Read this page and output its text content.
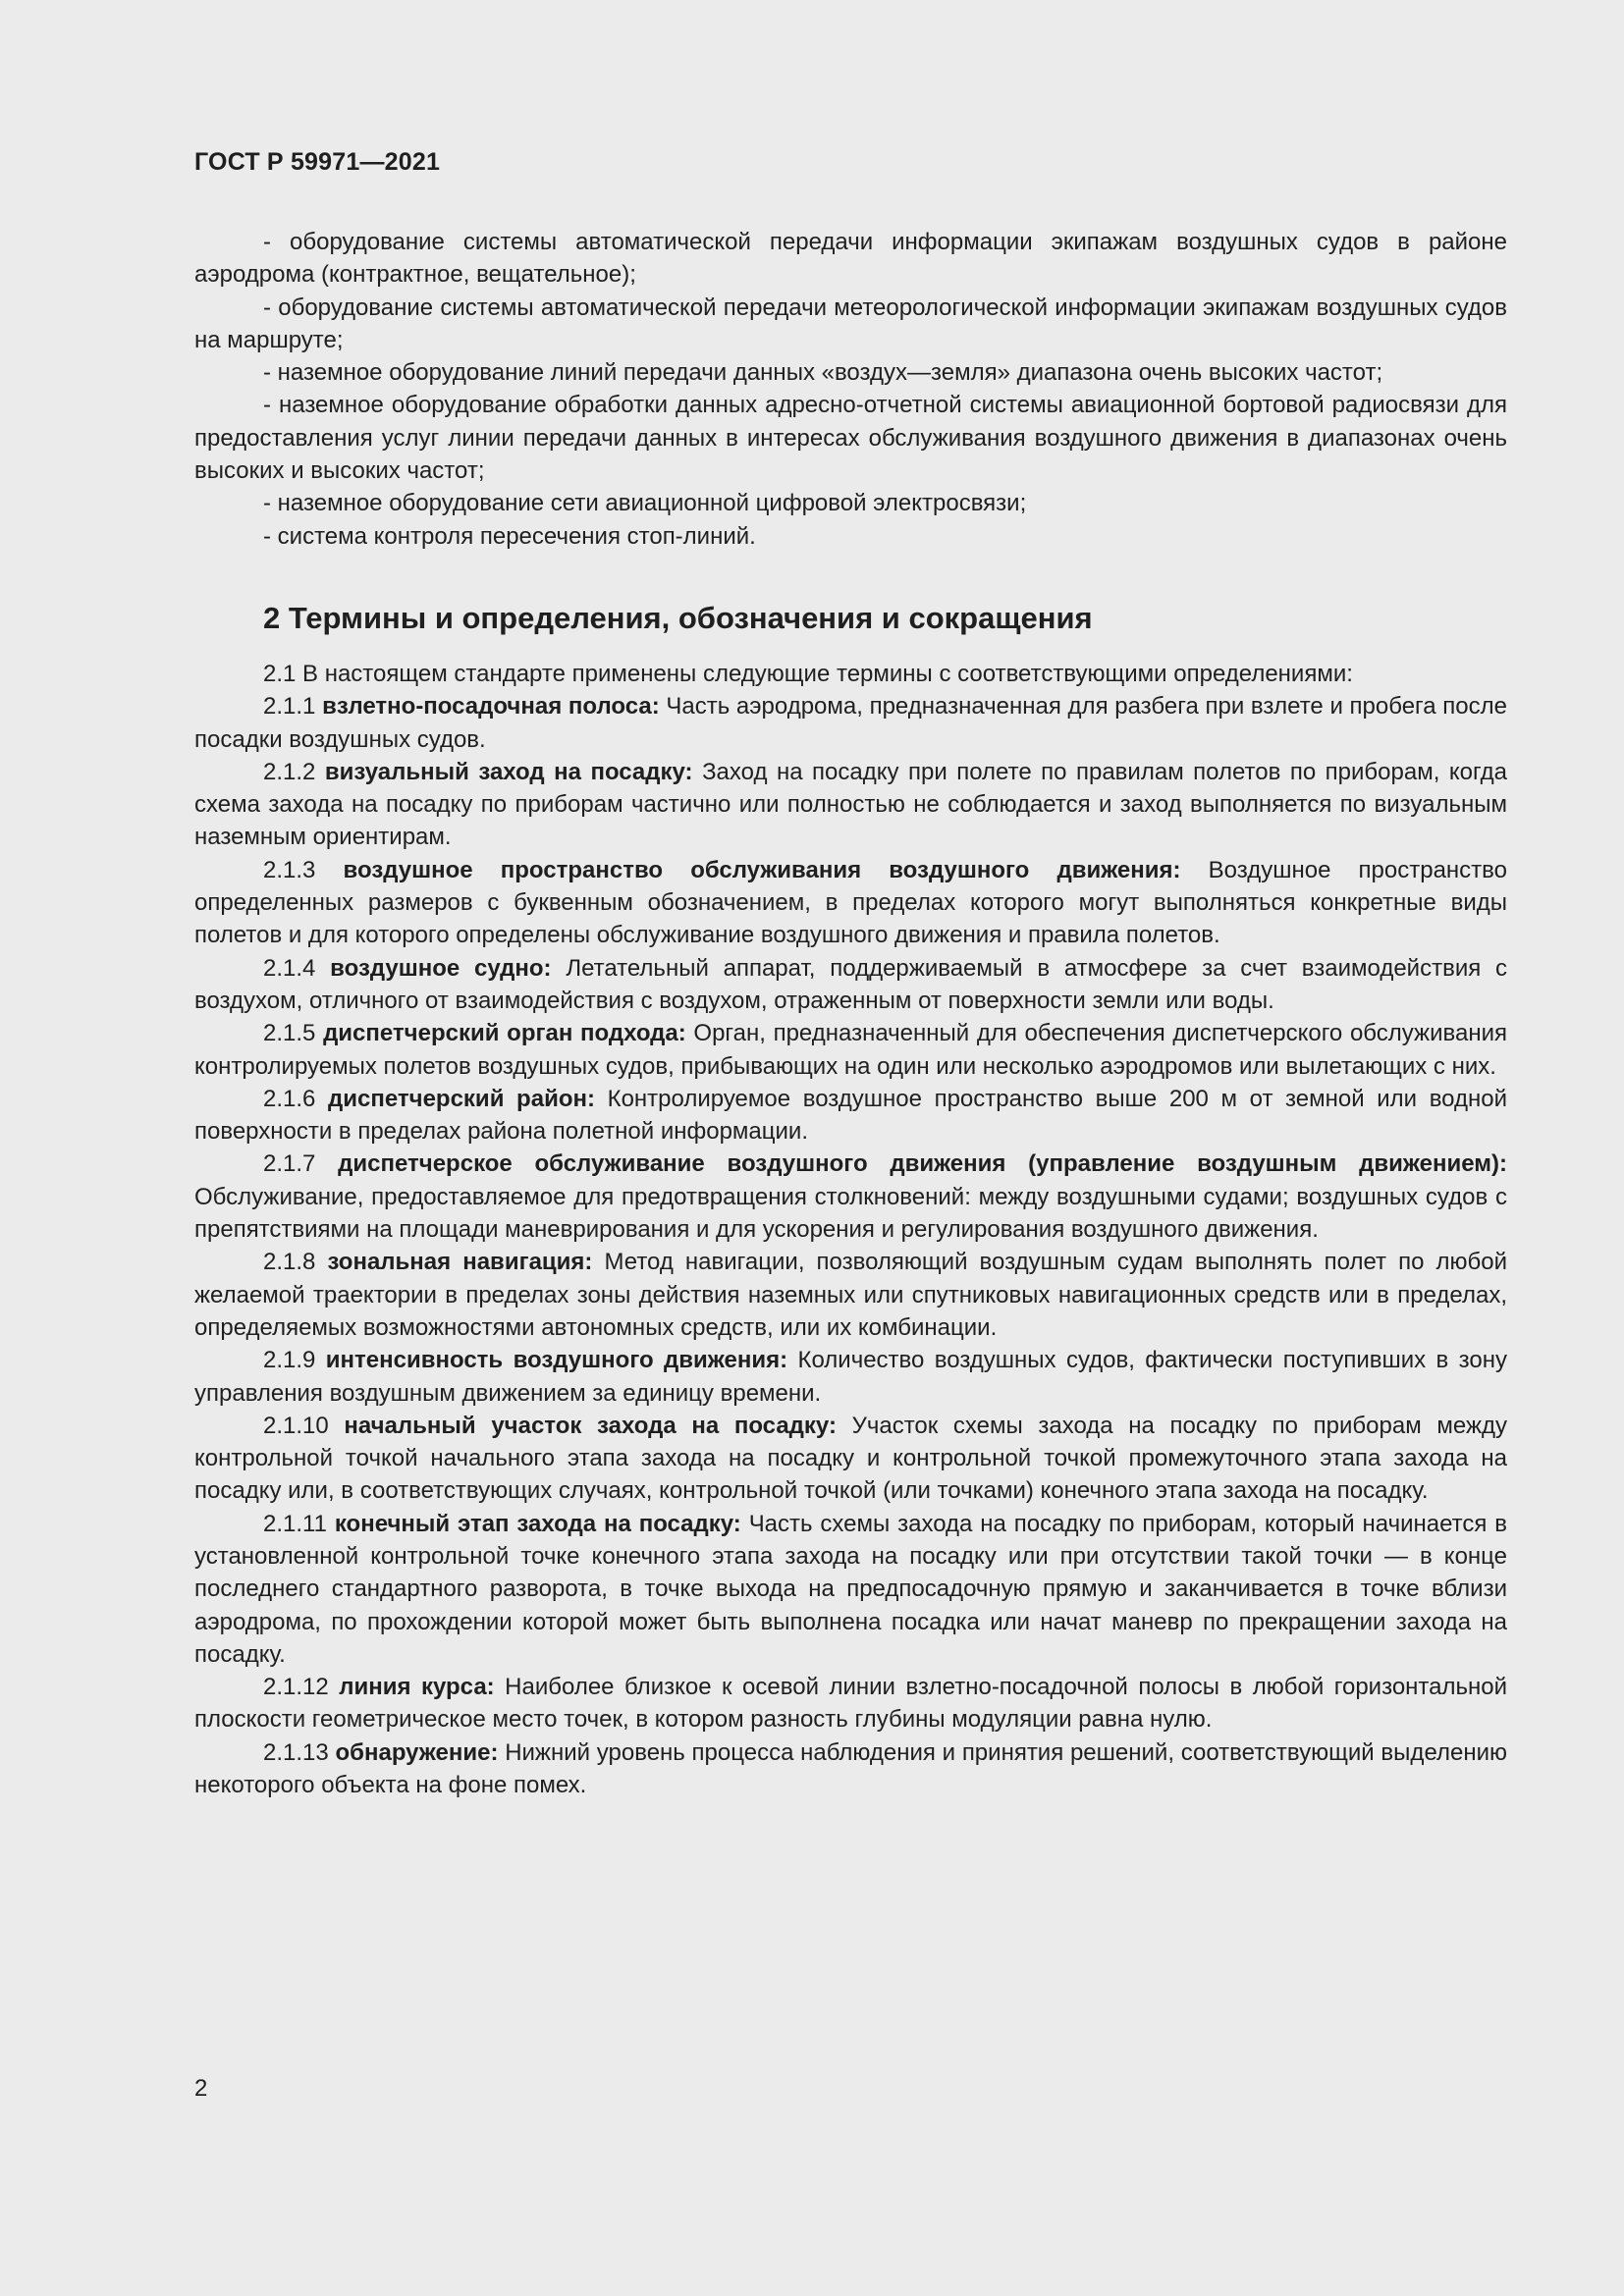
ГОСТ Р 59971—2021

- оборудование системы автоматической передачи информации экипажам воздушных судов в районе аэродрома (контрактное, вещательное);

- оборудование системы автоматической передачи метеорологической информации экипажам воздушных судов на маршруте;

- наземное оборудование линий передачи данных «воздух—земля» диапазона очень высоких частот;

- наземное оборудование обработки данных адресно-отчетной системы авиационной бортовой радиосвязи для предоставления услуг линии передачи данных в интересах обслуживания воздушного движения в диапазонах очень высоких и высоких частот;

- наземное оборудование сети авиационной цифровой электросвязи;

- система контроля пересечения стоп-линий.

2 Термины и определения, обозначения и сокращения

2.1 В настоящем стандарте применены следующие термины с соответствующими определениями:

2.1.1 взлетно-посадочная полоса: Часть аэродрома, предназначенная для разбега при взлете и пробега после посадки воздушных судов.

2.1.2 визуальный заход на посадку: Заход на посадку при полете по правилам полетов по приборам, когда схема захода на посадку по приборам частично или полностью не соблюдается и заход выполняется по визуальным наземным ориентирам.

2.1.3 воздушное пространство обслуживания воздушного движения: Воздушное пространство определенных размеров с буквенным обозначением, в пределах которого могут выполняться конкретные виды полетов и для которого определены обслуживание воздушного движения и правила полетов.

2.1.4 воздушное судно: Летательный аппарат, поддерживаемый в атмосфере за счет взаимодействия с воздухом, отличного от взаимодействия с воздухом, отраженным от поверхности земли или воды.

2.1.5 диспетчерский орган подхода: Орган, предназначенный для обеспечения диспетчерского обслуживания контролируемых полетов воздушных судов, прибывающих на один или несколько аэродромов или вылетающих с них.

2.1.6 диспетчерский район: Контролируемое воздушное пространство выше 200 м от земной или водной поверхности в пределах района полетной информации.

2.1.7 диспетчерское обслуживание воздушного движения (управление воздушным движением): Обслуживание, предоставляемое для предотвращения столкновений: между воздушными судами; воздушных судов с препятствиями на площади маневрирования и для ускорения и регулирования воздушного движения.

2.1.8 зональная навигация: Метод навигации, позволяющий воздушным судам выполнять полет по любой желаемой траектории в пределах зоны действия наземных или спутниковых навигационных средств или в пределах, определяемых возможностями автономных средств, или их комбинации.

2.1.9 интенсивность воздушного движения: Количество воздушных судов, фактически поступивших в зону управления воздушным движением за единицу времени.

2.1.10 начальный участок захода на посадку: Участок схемы захода на посадку по приборам между контрольной точкой начального этапа захода на посадку и контрольной точкой промежуточного этапа захода на посадку или, в соответствующих случаях, контрольной точкой (или точками) конечного этапа захода на посадку.

2.1.11 конечный этап захода на посадку: Часть схемы захода на посадку по приборам, который начинается в установленной контрольной точке конечного этапа захода на посадку или при отсутствии такой точки — в конце последнего стандартного разворота, в точке выхода на предпосадочную прямую и заканчивается в точке вблизи аэродрома, по прохождении которой может быть выполнена посадка или начат маневр по прекращении захода на посадку.

2.1.12 линия курса: Наиболее близкое к осевой линии взлетно-посадочной полосы в любой горизонтальной плоскости геометрическое место точек, в котором разность глубины модуляции равна нулю.

2.1.13 обнаружение: Нижний уровень процесса наблюдения и принятия решений, соответствующий выделению некоторого объекта на фоне помех.

2
